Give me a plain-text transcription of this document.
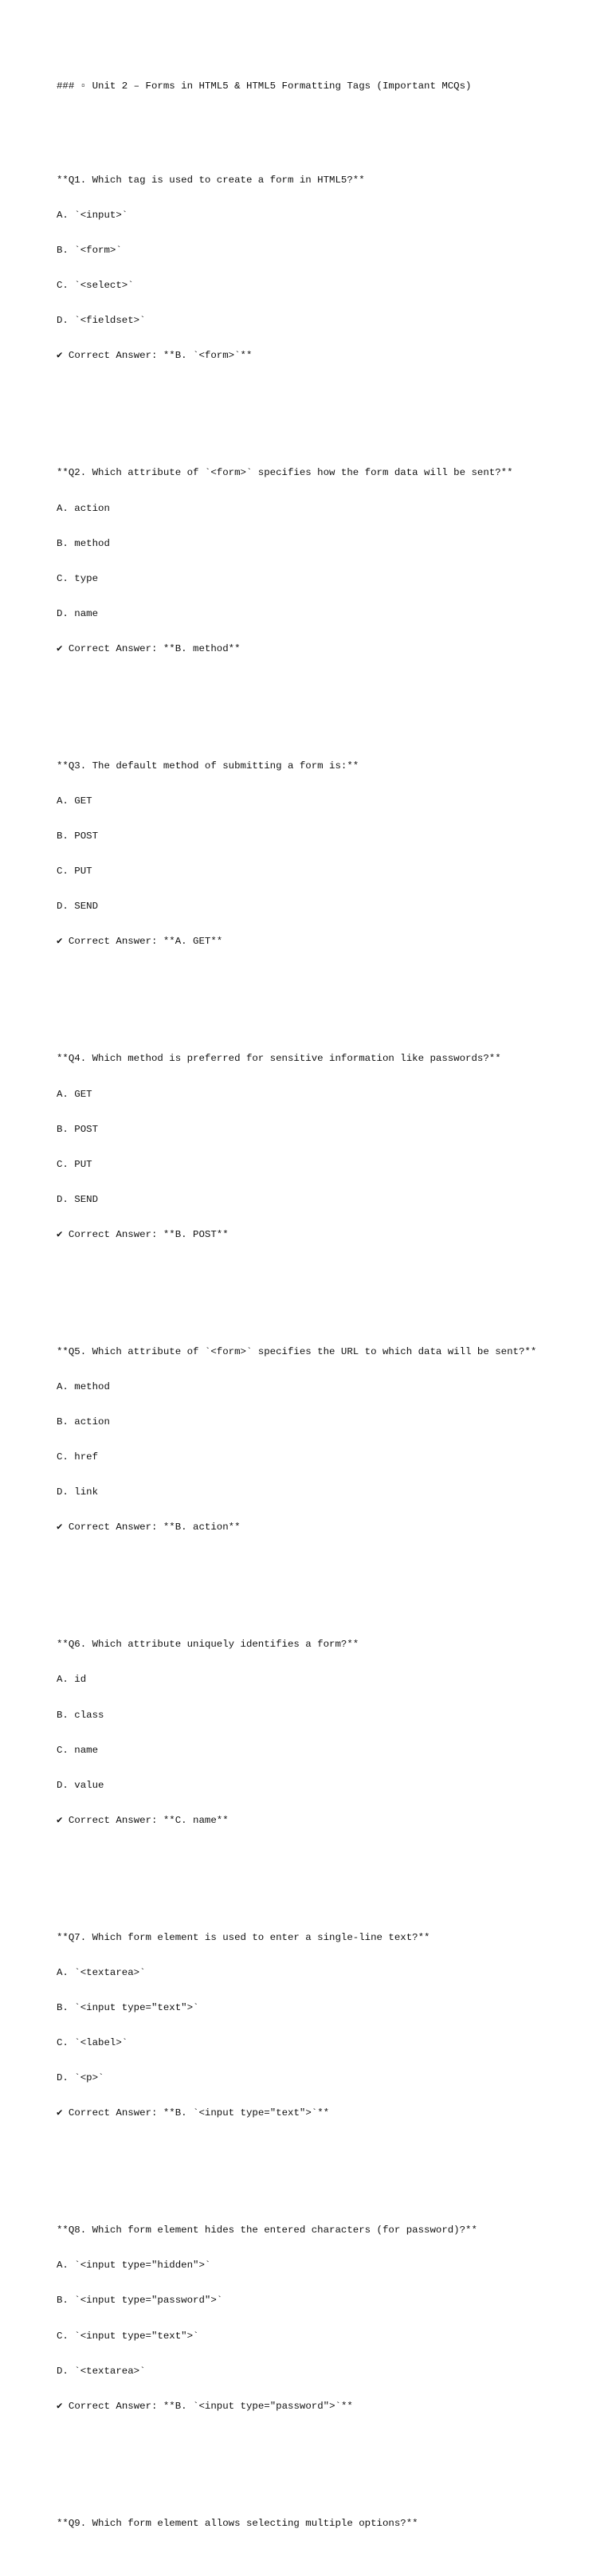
### ▫ Unit 2 – Forms in HTML5 & HTML5 Formatting Tags (Important MCQs)

**Q1. Which tag is used to create a form in HTML5?**

A. `<input>`

B. `<form>`

C. `<select>`

D. `<fieldset>`

✔ Correct Answer: **B. `<form>`**

**Q2. Which attribute of `<form>` specifies how the form data will be sent?**

A. action

B. method

C. type

D. name

✔ Correct Answer: **B. method**

**Q3. The default method of submitting a form is:**

A. GET

B. POST

C. PUT

D. SEND

✔ Correct Answer: **A. GET**

**Q4. Which method is preferred for sensitive information like passwords?**

A. GET

B. POST

C. PUT

D. SEND

✔ Correct Answer: **B. POST**

**Q5. Which attribute of `<form>` specifies the URL to which data will be sent?**

A. method

B. action

C. href

D. link

✔ Correct Answer: **B. action**

**Q6. Which attribute uniquely identifies a form?**

A. id

B. class

C. name

D. value

✔ Correct Answer: **C. name**

**Q7. Which form element is used to enter a single-line text?**

A. `<textarea>`

B. `<input type="text">`

C. `<label>`

D. `<p>`

✔ Correct Answer: **B. `<input type="text">`**

**Q8. Which form element hides the entered characters (for password)?**

A. `<input type="hidden">`

B. `<input type="password">`

C. `<input type="text">`

D. `<textarea>`

✔ Correct Answer: **B. `<input type="password">`**

**Q9. Which form element allows selecting multiple options?**
